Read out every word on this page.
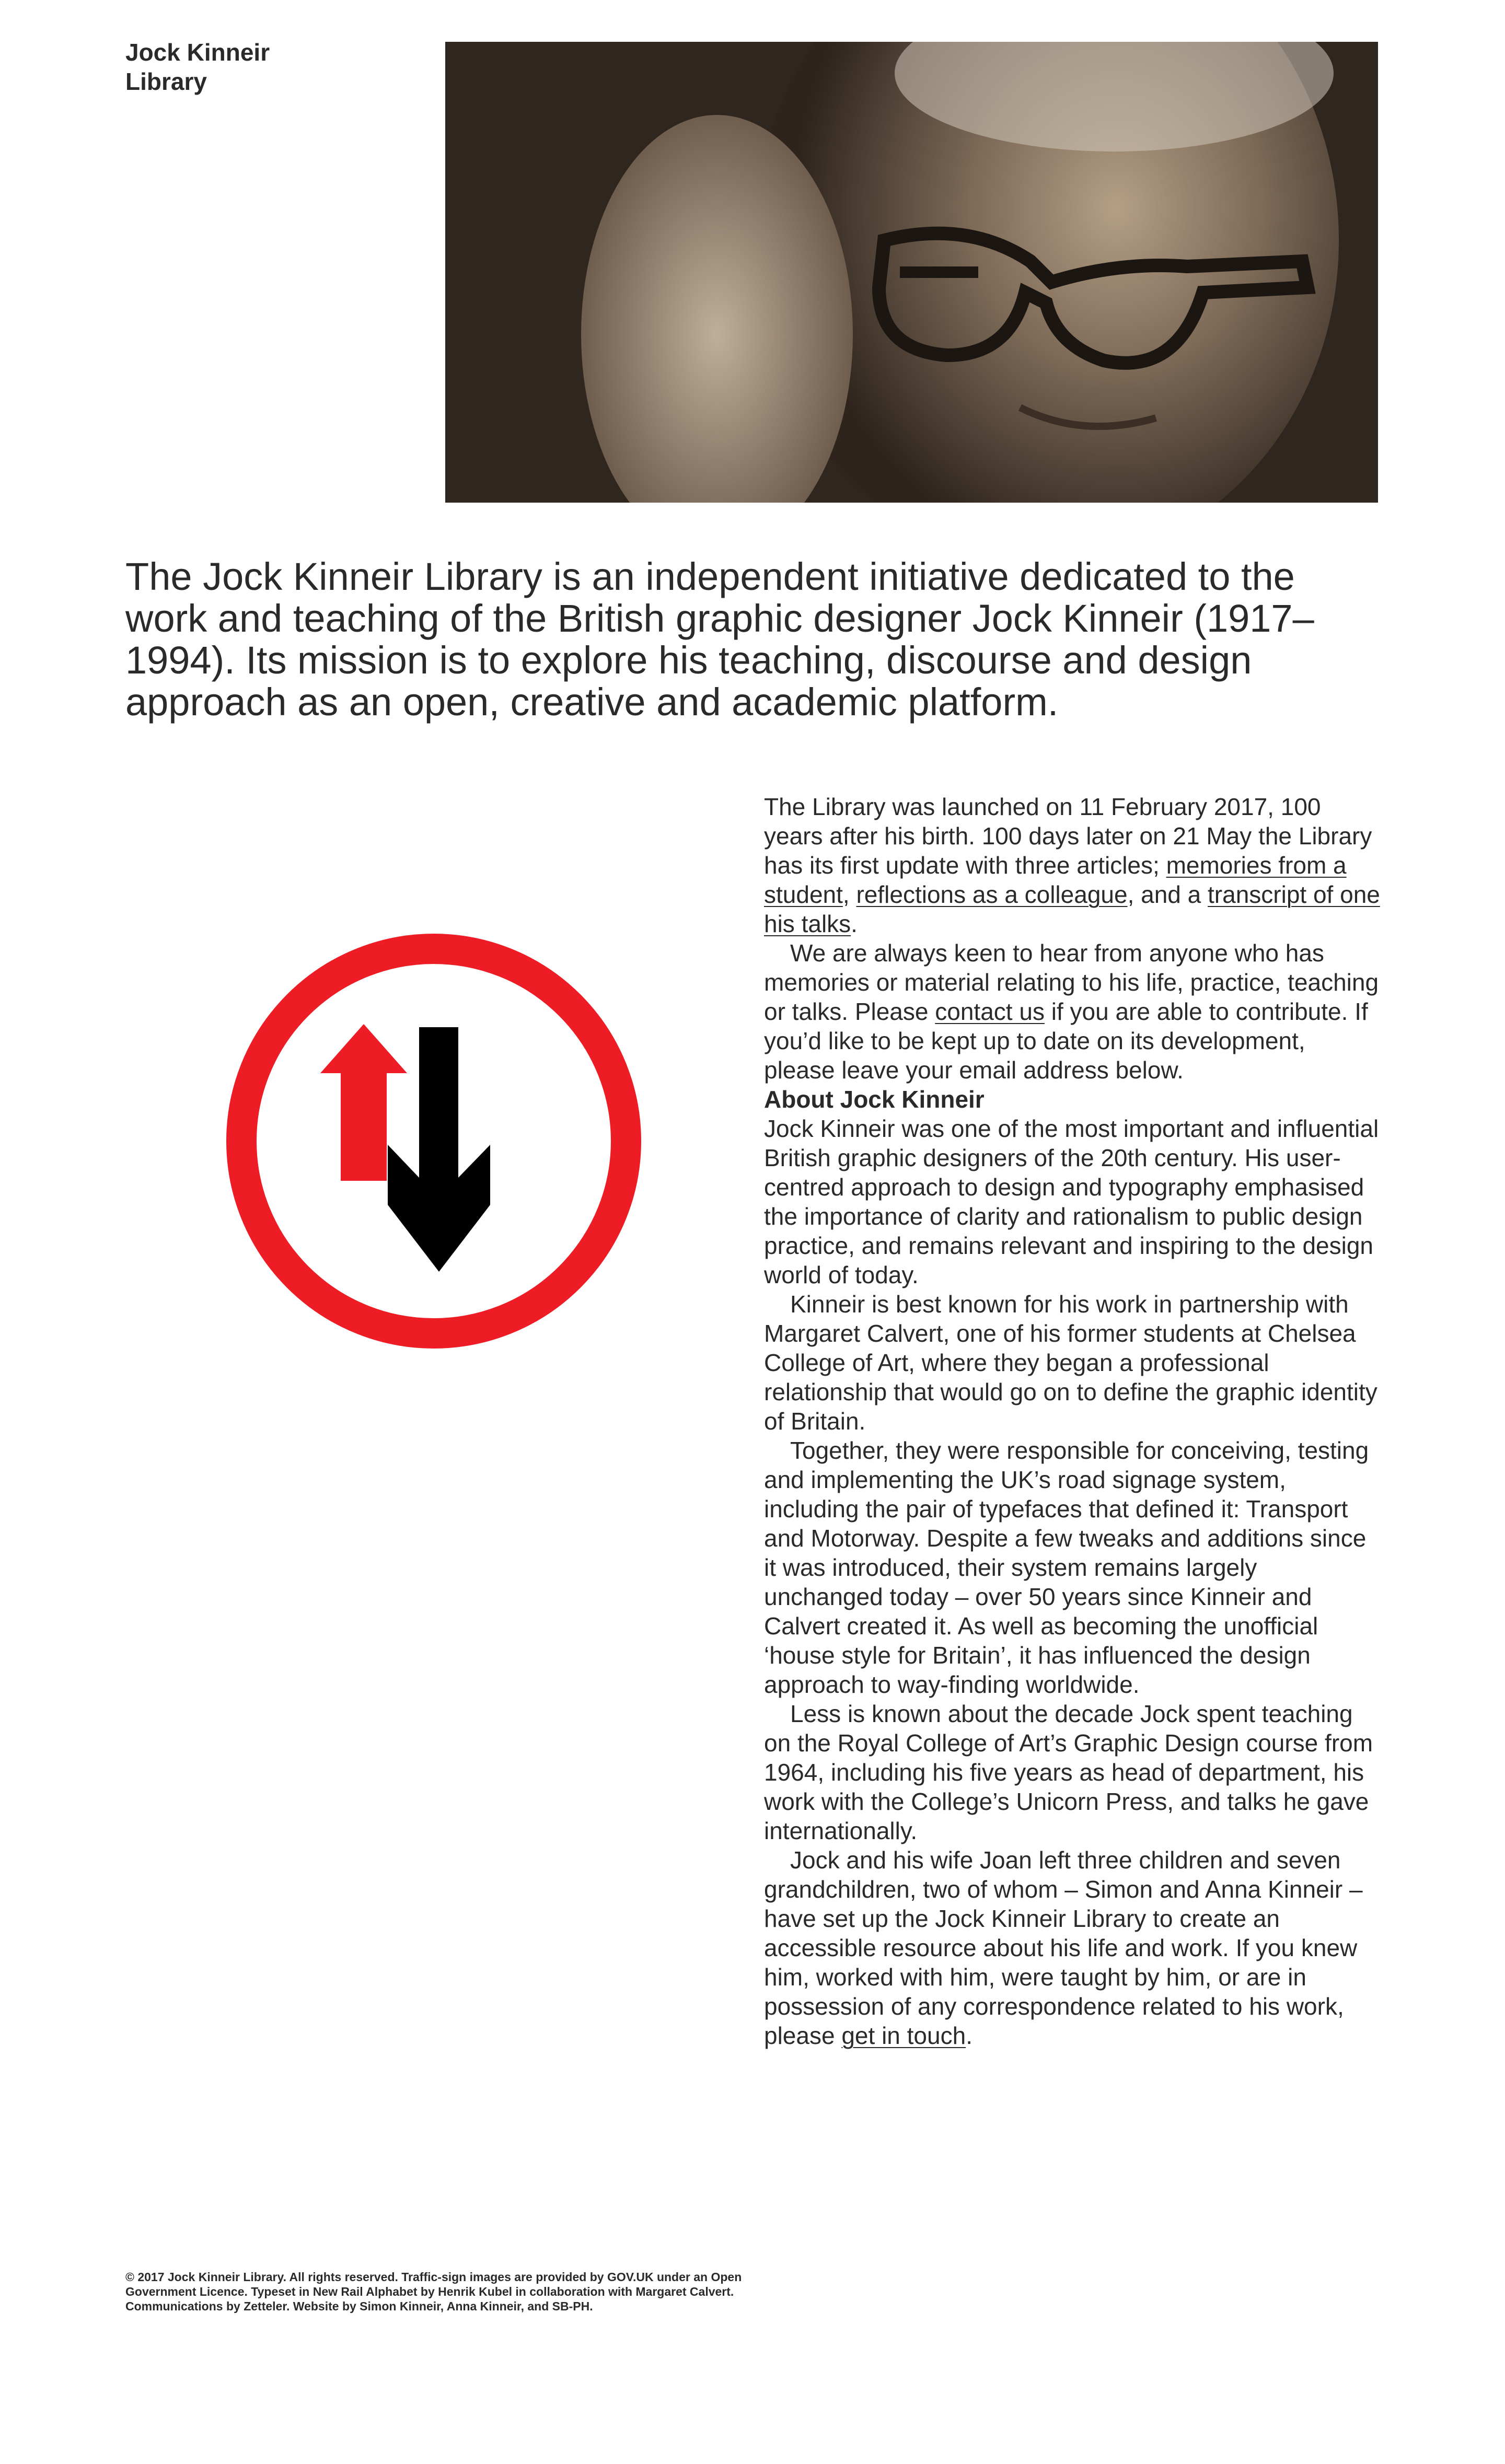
Jock Kinneir
Library

The Jock Kinneir Library is an independent initiative dedicated to the work and teaching of the British graphic designer Jock Kinneir (1917–1994). Its mission is to explore his teaching, discourse and design approach as an open, creative and academic platform.

The Library was launched on 11 February 2017, 100 years after his birth. 100 days later on 21 May the Library has its first update with three articles; memories from a student, reflections as a colleague, and a transcript of one his talks.

We are always keen to hear from anyone who has memories or material relating to his life, practice, teaching or talks. Please contact us if you are able to contribute. If you’d like to be kept up to date on its development, please leave your email address below.

About Jock Kinneir

Jock Kinneir was one of the most important and influential British graphic designers of the 20th century. His user-centred approach to design and typography emphasised the importance of clarity and rationalism to public design practice, and remains relevant and inspiring to the design world of today.

Kinneir is best known for his work in partnership with Margaret Calvert, one of his former students at Chelsea College of Art, where they began a professional relationship that would go on to define the graphic identity of Britain.

Together, they were responsible for conceiving, testing and implementing the UK’s road signage system, including the pair of typefaces that defined it: Transport and Motorway. Despite a few tweaks and additions since it was introduced, their system remains largely unchanged today – over 50 years since Kinneir and Calvert created it. As well as becoming the unofficial ‘house style for Britain’, it has influenced the design approach to way-finding worldwide.

Less is known about the decade Jock spent teaching on the Royal College of Art’s Graphic Design course from 1964, including his five years as head of department, his work with the College’s Unicorn Press, and talks he gave internationally.

Jock and his wife Joan left three children and seven grandchildren, two of whom – Simon and Anna Kinneir – have set up the Jock Kinneir Library to create an accessible resource about his life and work. If you knew him, worked with him, were taught by him, or are in possession of any correspondence related to his work, please get in touch.

© 2017 Jock Kinneir Library. All rights reserved. Traffic-sign images are provided by GOV.UK under an Open Government Licence. Typeset in New Rail Alphabet by Henrik Kubel in collaboration with Margaret Calvert. Communications by Zetteler. Website by Simon Kinneir, Anna Kinneir, and SB-PH.
